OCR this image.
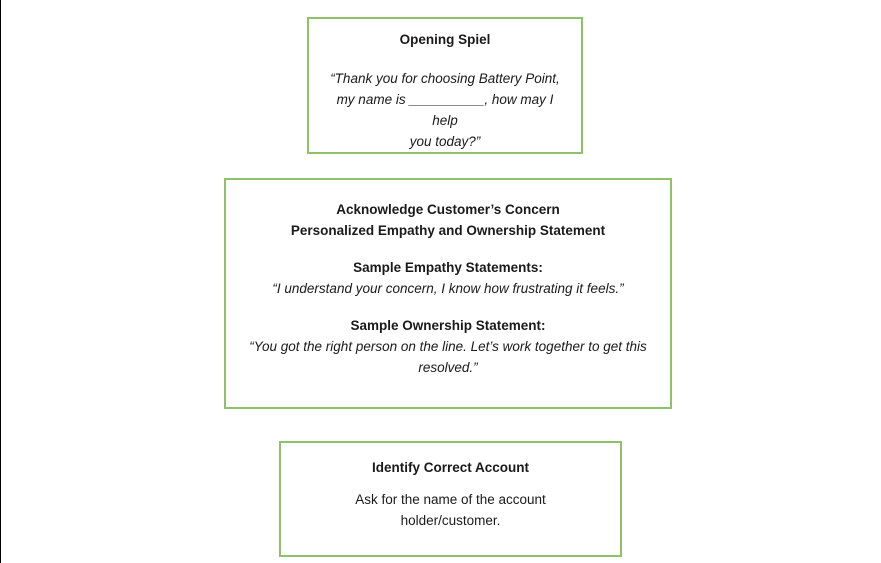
Opening Spiel

“Thank you for choosing Battery Point,

my name is __________, how may I help

you today?”

Acknowledge Customer’s Concern

Personalized Empathy and Ownership Statement

Sample Empathy Statements:

“I understand your concern, I know how frustrating it feels.”

Sample Ownership Statement:

“You got the right person on the line. Let’s work together to get this

resolved.”

Identify Correct Account

Ask for the name of the account

holder/customer.
